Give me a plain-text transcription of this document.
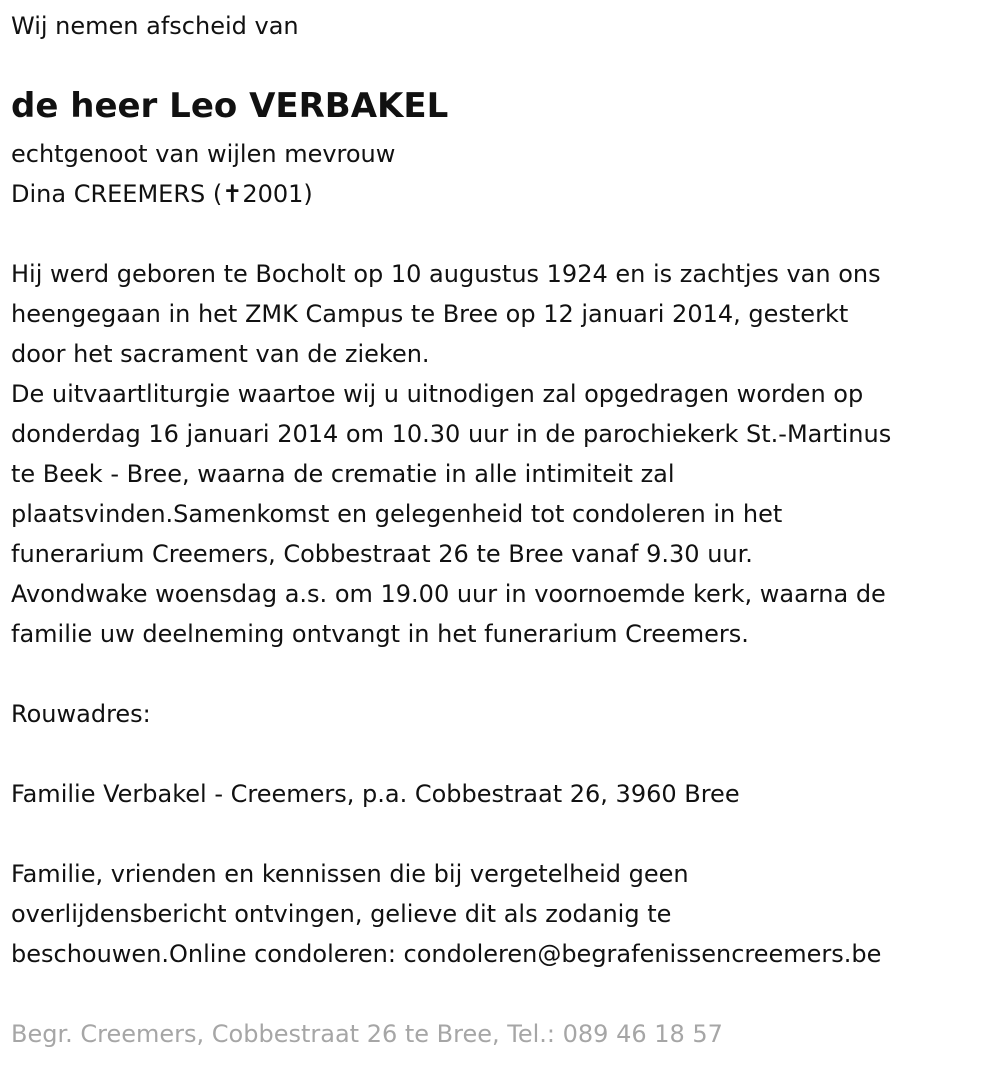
Wij nemen afscheid van
de heer Leo VERBAKEL
echtgenoot van wijlen mevrouw
Dina CREEMERS (✝2001)
Hij werd geboren te Bocholt op 10 augustus 1924 en is zachtjes van ons
heengegaan in het ZMK Campus te Bree op 12 januari 2014, gesterkt
door het sacrament van de zieken.
De uitvaartliturgie waartoe wij u uitnodigen zal opgedragen worden op
donderdag 16 januari 2014 om 10.30 uur in de parochiekerk St.-Martinus
te Beek - Bree, waarna de crematie in alle intimiteit zal
plaatsvinden.Samenkomst en gelegenheid tot condoleren in het
funerarium Creemers, Cobbestraat 26 te Bree vanaf 9.30 uur.
Avondwake woensdag a.s. om 19.00 uur in voornoemde kerk, waarna de
familie uw deelneming ontvangt in het funerarium Creemers.
Rouwadres:
Familie Verbakel - Creemers, p.a. Cobbestraat 26, 3960 Bree
Familie, vrienden en kennissen die bij vergetelheid geen
overlijdensbericht ontvingen, gelieve dit als zodanig te
beschouwen.Online condoleren: condoleren@begrafenissencreemers.be
Begr. Creemers, Cobbestraat 26 te Bree, Tel.: 089 46 18 57
